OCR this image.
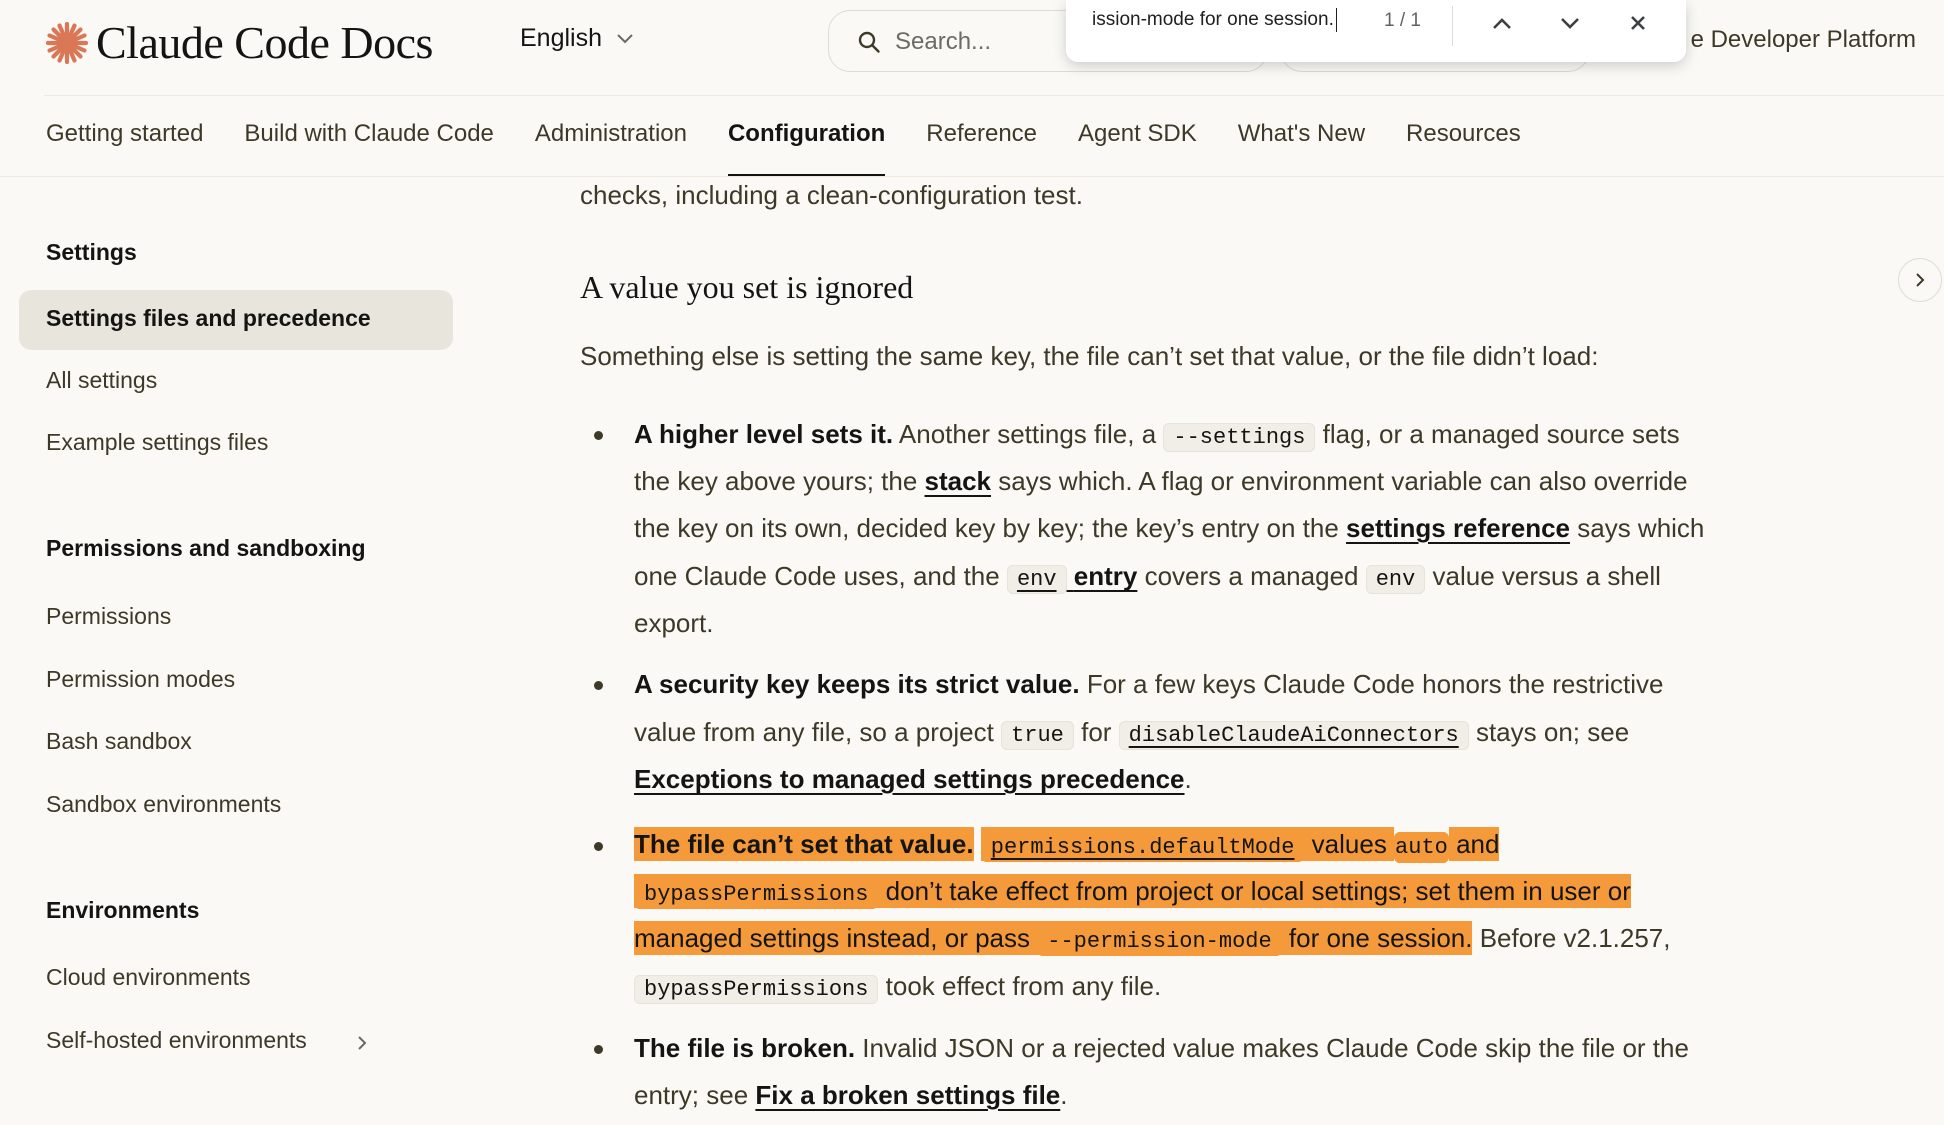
Claude Code Docs	English	Search...	e Developer Platform
ission-mode for one session.	1 / 1
Getting started Build with Claude Code Administration Configuration Reference Agent SDK What's New Resources
Settings
Settings files and precedence
All settings
Example settings files
Permissions and sandboxing
Permissions
Permission modes
Bash sandbox
Sandbox environments
Environments
Cloud environments
Self-hosted environments
checks, including a clean-configuration test.
A value you set is ignored
Something else is setting the same key, the file can’t set that value, or the file didn’t load:
A higher level sets it. Another settings file, a --settings flag, or a managed source sets
the key above yours; the stack says which. A flag or environment variable can also override
the key on its own, decided key by key; the key’s entry on the settings reference says which
one Claude Code uses, and the env entry covers a managed env value versus a shell
export.
A security key keeps its strict value. For a few keys Claude Code honors the restrictive
value from any file, so a project true for disableClaudeAiConnectors stays on; see
Exceptions to managed settings precedence.
The file can’t set that value. permissions.defaultMode values auto and
bypassPermissions don’t take effect from project or local settings; set them in user or
managed settings instead, or pass --permission-mode for one session. Before v2.1.257,
bypassPermissions took effect from any file.
The file is broken. Invalid JSON or a rejected value makes Claude Code skip the file or the
entry; see Fix a broken settings file.
